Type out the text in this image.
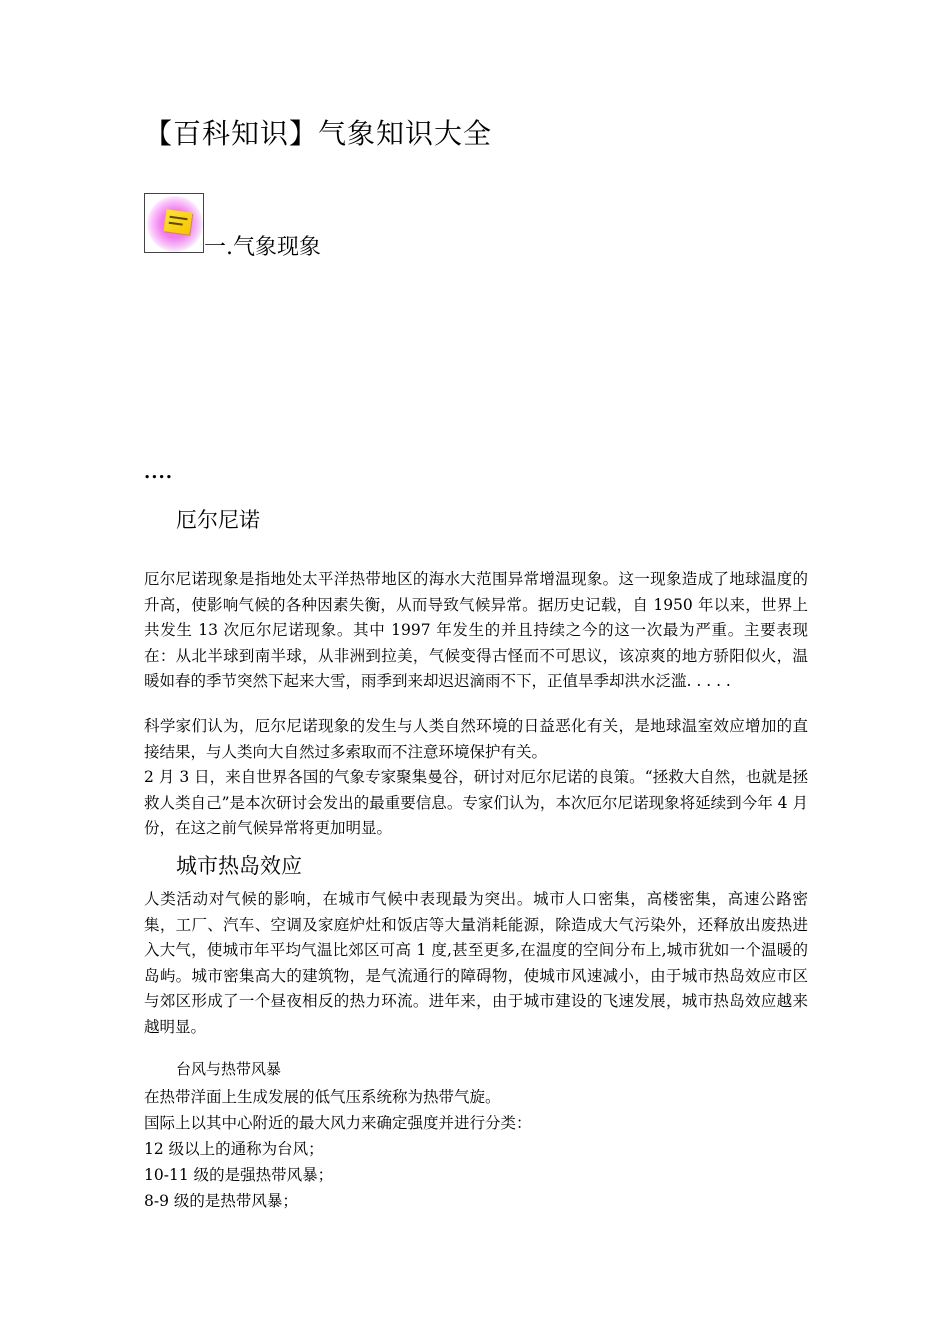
【百科知识】气象知识大全
一.气象现象
....
厄尔尼诺

厄尔尼诺现象是指地处太平洋热带地区的海水大范围异常增温现象。这一现象造成了地球温度的升高，使影响气候的各种因素失衡，从而导致气候异常。据历史记载，自 1950 年以来，世界上共发生 13 次厄尔尼诺现象。其中 1997 年发生的并且持续之今的这一次最为严重。主要表现在：从北半球到南半球，从非洲到拉美，气候变得古怪而不可思议，该凉爽的地方骄阳似火，温暖如春的季节突然下起来大雪，雨季到来却迟迟滴雨不下，正值旱季却洪水泛滥. . . . .

科学家们认为，厄尔尼诺现象的发生与人类自然环境的日益恶化有关，是地球温室效应增加的直接结果，与人类向大自然过多索取而不注意环境保护有关。

2 月 3 日，来自世界各国的气象专家聚集曼谷，研讨对厄尔尼诺的良策。“拯救大自然，也就是拯救人类自己”是本次研讨会发出的最重要信息。专家们认为，本次厄尔尼诺现象将延续到今年 4 月份，在这之前气候异常将更加明显。

城市热岛效应

人类活动对气候的影响，在城市气候中表现最为突出。城市人口密集，高楼密集，高速公路密集，工厂、汽车、空调及家庭炉灶和饭店等大量消耗能源，除造成大气污染外，还释放出废热进入大气，使城市年平均气温比郊区可高 1 度,甚至更多,在温度的空间分布上,城市犹如一个温暖的岛屿。城市密集高大的建筑物，是气流通行的障碍物，使城市风速减小，由于城市热岛效应市区与郊区形成了一个昼夜相反的热力环流。进年来，由于城市建设的飞速发展，城市热岛效应越来越明显。

台风与热带风暴
在热带洋面上生成发展的低气压系统称为热带气旋。
国际上以其中心附近的最大风力来确定强度并进行分类：
12 级以上的通称为台风；
10-11 级的是强热带风暴；
8-9 级的是热带风暴；
